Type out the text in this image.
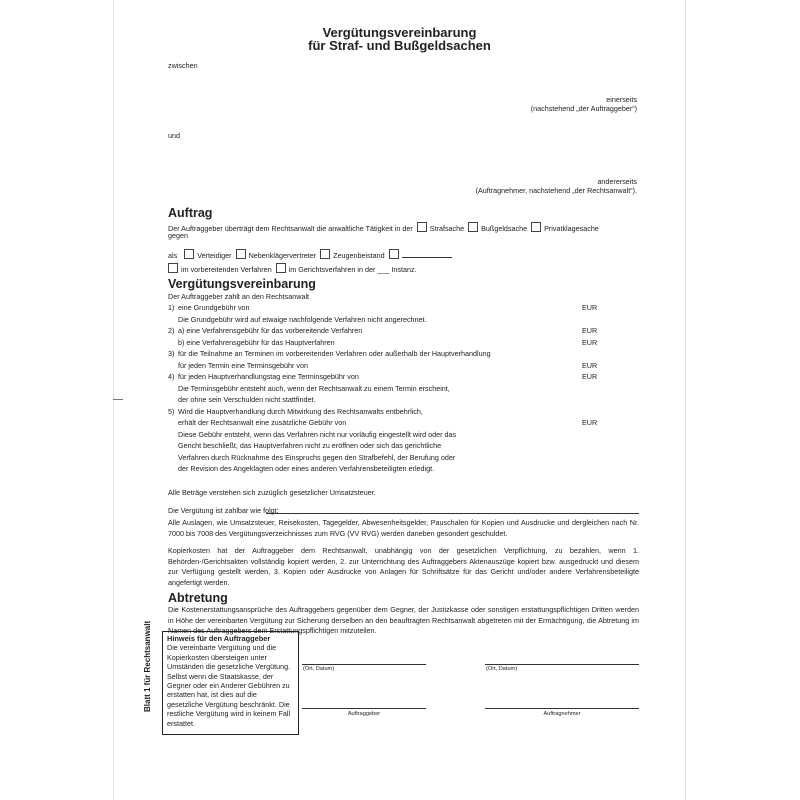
Vergütungsvereinbarung
für Straf- und Bußgeldsachen
zwischen
einerseits
(nachstehend „der Auftraggeber“)
und
andererseits
(Auftragnehmer, nachstehend „der Rechtsanwalt“).
Auftrag
Der Auftraggeber überträgt dem Rechtsanwalt die anwaltliche Tätigkeit in der Strafsache Bußgeldsache Privatklagesache
gegen
als	Verteidiger Nebenklägervertreter Zeugenbeistand
im vorbereitenden Verfahren im Gerichtsverfahren in der ___ Instanz.
Vergütungsvereinbarung
Der Auftraggeber zahlt an den Rechtsanwalt
1) eine Grundgebühr von	EUR
Die Grundgebühr wird auf etwaige nachfolgende Verfahren nicht angerechnet.
2) a) eine Verfahrensgebühr für das vorbereitende Verfahren	EUR
b) eine Verfahrensgebühr für das Hauptverfahren	EUR
3) für die Teilnahme an Terminen im vorbereitenden Verfahren oder außerhalb der Hauptverhandlung
für jeden Termin eine Terminsgebühr von	EUR
4) für jeden Hauptverhandlungstag eine Terminsgebühr von	EUR
Die Terminsgebühr entsteht auch, wenn der Rechtsanwalt zu einem Termin erscheint,
der ohne sein Verschulden nicht stattfindet.
5) Wird die Hauptverhandlung durch Mitwirkung des Rechtsanwalts entbehrlich,
erhält der Rechtsanwalt eine zusätzliche Gebühr von	EUR
Diese Gebühr entsteht, wenn das Verfahren nicht nur vorläufig eingestellt wird oder das
Gericht beschließt, das Hauptverfahren nicht zu eröffnen oder sich das gerichtliche
Verfahren durch Rücknahme des Einspruchs gegen den Strafbefehl, der Berufung oder
der Revision des Angeklagten oder eines anderen Verfahrensbeteiligten erledigt.
Alle Beträge verstehen sich zuzüglich gesetzlicher Umsatzsteuer.
Die Vergütung ist zahlbar wie folgt:
Alle Auslagen, wie Umsatzsteuer, Reisekosten, Tagegelder, Abwesenheitsgelder, Pauschalen für Kopien und Ausdrucke und dergleichen nach Nr. 7000 bis 7008 des Vergütungsverzeichnisses zum RVG (VV RVG) werden daneben gesondert geschuldet.
Kopierkosten hat der Auftraggeber dem Rechtsanwalt, unabhängig von der gesetzlichen Verpflichtung, zu bezahlen, wenn 1. Behörden-/Gerichtsakten vollständig kopiert werden, 2. zur Unterrichtung des Auftraggebers Aktenauszüge kopiert bzw. ausgedruckt und diesem zur Verfügung gestellt werden, 3. Kopien oder Ausdrucke von Anlagen für Schriftsätze für das Gericht und/oder andere Verfahrensbeteiligte angefertigt werden.
Abtretung
Die Kostenerstattungsansprüche des Auftraggebers gegenüber dem Gegner, der Justizkasse oder sonstigen erstattungspflichtigen Dritten werden in Höhe der vereinbarten Vergütung zur Sicherung derselben an den beauftragten Rechtsanwalt abgetreten mit der Ermächtigung, die Abtretung im Namen des Auftraggebers dem Erstattungspflichtigen mitzuteilen.
(Ort, Datum)	(Ort, Datum)
Auftraggeber	Auftragnehmer
Hinweis für den Auftraggeber
Die vereinbarte Vergütung und die Kopierkosten übersteigen unter Umständen die gesetzliche Vergütung. Selbst wenn die Staatskasse, der Gegner oder ein Anderer Gebühren zu erstatten hat, ist dies auf die gesetzliche Vergütung beschränkt. Die restliche Vergütung wird in keinem Fall erstattet.
Blatt 1 für Rechtsanwalt
